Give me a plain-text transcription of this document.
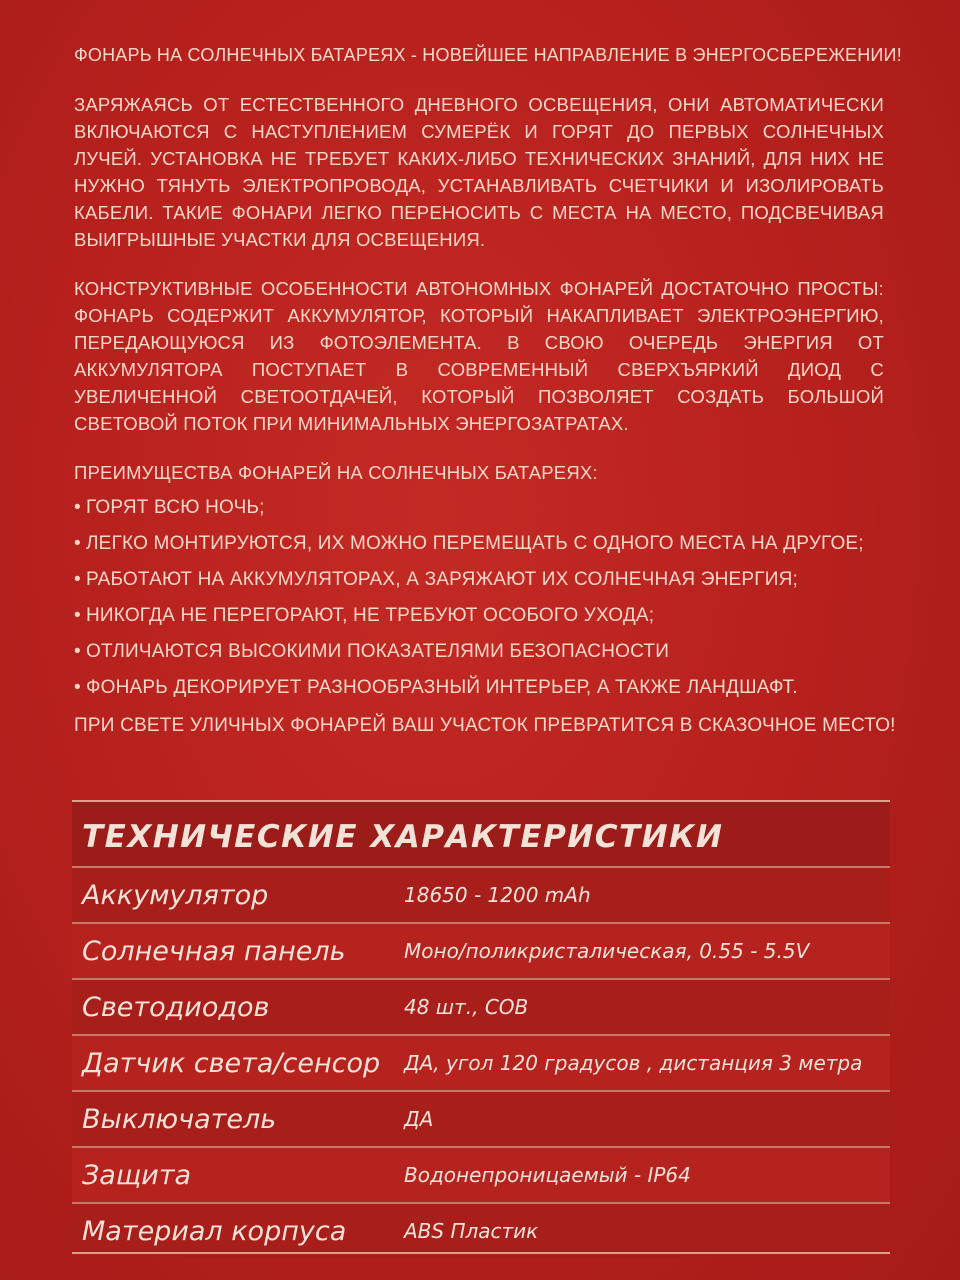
ФОНАРЬ НА СОЛНЕЧНЫХ БАТАРЕЯХ - НОВЕЙШЕЕ НАПРАВЛЕНИЕ В ЭНЕРГОСБЕРЕЖЕНИИ!

ЗАРЯЖАЯСЬ ОТ ЕСТЕСТВЕННОГО ДНЕВНОГО ОСВЕЩЕНИЯ, ОНИ АВТОМАТИЧЕСКИ ВКЛЮЧАЮТСЯ С НАСТУПЛЕНИЕМ СУМЕРЁК И ГОРЯТ ДО ПЕРВЫХ СОЛНЕЧНЫХ ЛУЧЕЙ. УСТАНОВКА НЕ ТРЕБУЕТ КАКИХ-ЛИБО ТЕХНИЧЕСКИХ ЗНАНИЙ, ДЛЯ НИХ НЕ НУЖНО ТЯНУТЬ ЭЛЕКТРОПРОВОДА, УСТАНАВЛИВАТЬ СЧЕТЧИКИ И ИЗОЛИРОВАТЬ КАБЕЛИ. ТАКИЕ ФОНАРИ ЛЕГКО ПЕРЕНОСИТЬ С МЕСТА НА МЕСТО, ПОДСВЕЧИВАЯ ВЫИГРЫШНЫЕ УЧАСТКИ ДЛЯ ОСВЕЩЕНИЯ.

КОНСТРУКТИВНЫЕ ОСОБЕННОСТИ АВТОНОМНЫХ ФОНАРЕЙ ДОСТАТОЧНО ПРОСТЫ: ФОНАРЬ СОДЕРЖИТ АККУМУЛЯТОР, КОТОРЫЙ НАКАПЛИВАЕТ ЭЛЕКТРОЭНЕРГИЮ, ПЕРЕДАЮЩУЮСЯ ИЗ ФОТОЭЛЕМЕНТА. В СВОЮ ОЧЕРЕДЬ ЭНЕРГИЯ ОТ АККУМУЛЯТОРА ПОСТУПАЕТ В СОВРЕМЕННЫЙ СВЕРХЪЯРКИЙ ДИОД С УВЕЛИЧЕННОЙ СВЕТООТДАЧЕЙ, КОТОРЫЙ ПОЗВОЛЯЕТ СОЗДАТЬ БОЛЬШОЙ СВЕТОВОЙ ПОТОК ПРИ МИНИМАЛЬНЫХ ЭНЕРГОЗАТРАТАХ.

ПРЕИМУЩЕСТВА ФОНАРЕЙ НА СОЛНЕЧНЫХ БАТАРЕЯХ:

• ГОРЯТ ВСЮ НОЧЬ;
• ЛЕГКО МОНТИРУЮТСЯ, ИХ МОЖНО ПЕРЕМЕЩАТЬ С ОДНОГО МЕСТА НА ДРУГОЕ;
• РАБОТАЮТ НА АККУМУЛЯТОРАХ, А ЗАРЯЖАЮТ ИХ СОЛНЕЧНАЯ ЭНЕРГИЯ;
• НИКОГДА НЕ ПЕРЕГОРАЮТ, НЕ ТРЕБУЮТ ОСОБОГО УХОДА;
• ОТЛИЧАЮТСЯ ВЫСОКИМИ ПОКАЗАТЕЛЯМИ БЕЗОПАСНОСТИ
• ФОНАРЬ ДЕКОРИРУЕТ РАЗНООБРАЗНЫЙ ИНТЕРЬЕР, А ТАКЖЕ ЛАНДШАФТ.

ПРИ СВЕТЕ УЛИЧНЫХ ФОНАРЕЙ ВАШ УЧАСТОК ПРЕВРАТИТСЯ В СКАЗОЧНОЕ МЕСТО!

ТЕХНИЧЕСКИЕ ХАРАКТЕРИСТИКИ
Аккумулятор	18650 - 1200 mAh
Солнечная панель	Моно/поликристалическая, 0.55 - 5.5V
Светодиодов	48 шт., COB
Датчик света/сенсор	ДА, угол 120 градусов , дистанция 3 метра
Выключатель	ДА
Защита	Водонепроницаемый - IP64
Материал корпуса	ABS Пластик
